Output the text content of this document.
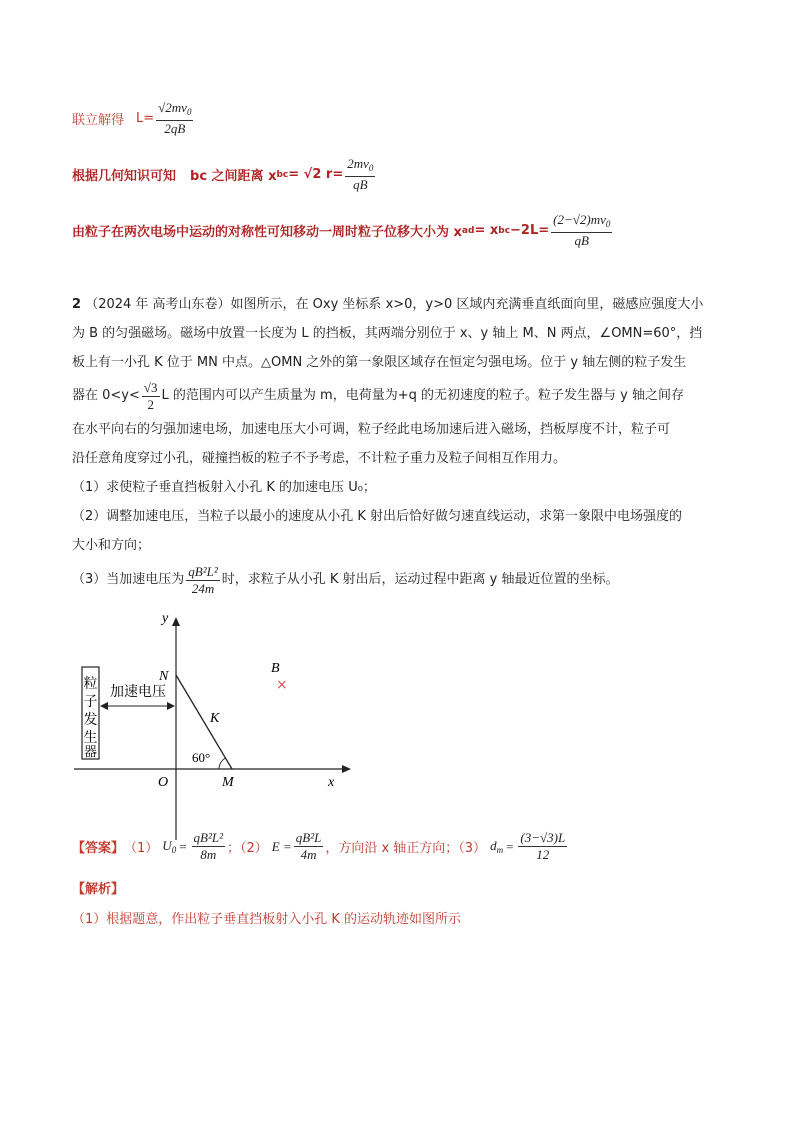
联立解得 $L= \frac{√2mv_0}{2qB}$
根据几何知识可知 bc 之间距离 x bc = √2 $r= \frac{2mv_0}{qB}$
由粒子在两次电场中运动的对称性可知移动一周时粒子位移大小为 x ad = x bc $-2L= \frac{(2-√2)mv_0}{qB}$
2 （2024 年 高考山东卷）如图所示，在 Oxy 坐标系 x>0，y>0 区域内充满垂直纸面向里，磁感应强度大小
为 B 的匀强磁场。磁场中放置一长度为 L 的挡板，其两端分别位于 x、y 轴上 M、N 两点，∠OMN=60°，挡
板上有一小孔 K 位于 MN 中点。△OMN 之外的第一象限区域存在恒定匀强电场。位于 y 轴左侧的粒子发生
器在 $0<y< \frac{√3}{2}$ L 的范围内可以产生质量为 m，电荷量为+q 的无初速度的粒子。粒子发生器与 y 轴之间存
在水平向右的匀强加速电场，加速电压大小可调，粒子经此电场加速后进入磁场，挡板厚度不计，粒子可
沿任意角度穿过小孔，碰撞挡板的粒子不予考虑，不计粒子重力及粒子间相互作用力。
（1）求使粒子垂直挡板射入小孔 K 的加速电压 U₀；
（2）调整加速电压，当粒子以最小的速度从小孔 K 射出后恰好做匀速直线运动，求第一象限中电场强度的
大小和方向；
（3）当加速电压为 $\frac{\text{qB²L²}}{24m}$ 时，求粒子从小孔 K 射出后，运动过程中距离 y 轴最近位置的坐标。
粒
子
发
生
器
加速电压
y
x
O	M
N
K
B
×
60°
【答案】 （1） $U_0 = \frac{\text{qB²L²}}{8m}$ ；（2） $E = \frac{\text{qB²L}}{4m}$ ，方向沿 x 轴正方向；（3） $d_m = \frac{(3-√3)L}{12}$
【解析】
（1）根据题意，作出粒子垂直挡板射入小孔 K 的运动轨迹如图所示
